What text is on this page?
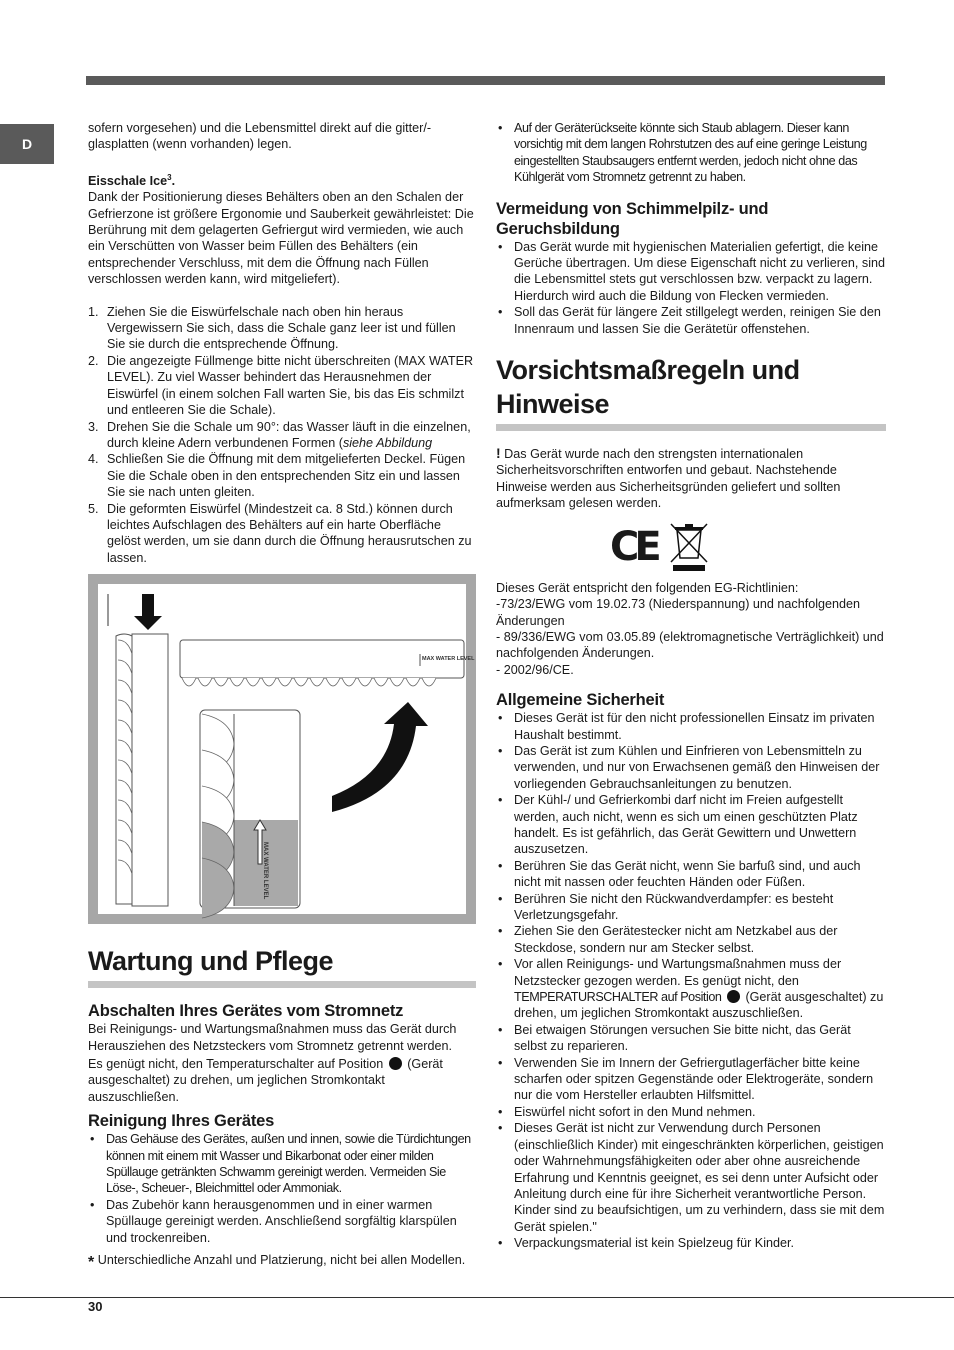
D

sofern vorgesehen) und die Lebensmittel direkt auf die gitter/-glasplatten (wenn vorhanden) legen.

Eisschale Ice$^3$.

Dank der Positionierung dieses Behälters oben an den Schalen der Gefrierzone ist größere Ergonomie und Sauberkeit gewährleistet: Die Berührung mit dem gelagerten Gefriergut wird vermieden, wie auch ein Verschütten von Wasser beim Füllen des Behälters (ein entsprechender Verschluss, mit dem die Öffnung nach Füllen verschlossen werden kann, wird mitgeliefert).

1. Ziehen Sie die Eiswürfelschale nach oben hin heraus Vergewissern Sie sich, dass die Schale ganz leer ist und füllen Sie sie durch die entsprechende Öffnung.
2. Die angezeigte Füllmenge bitte nicht überschreiten (MAX WATER LEVEL). Zu viel Wasser behindert das Herausnehmen der Eiswürfel (in einem solchen Fall warten Sie, bis das Eis schmilzt und entleeren Sie die Schale).
3. Drehen Sie die Schale um 90°: das Wasser läuft in die einzelnen, durch kleine Adern verbundenen Formen (siehe Abbildung
4. Schließen Sie die Öffnung mit dem mitgelieferten Deckel. Fügen Sie die Schale oben in den entsprechenden Sitz ein und lassen Sie sie nach unten gleiten.
5. Die geformten Eiswürfel (Mindestzeit ca. 8 Std.) können durch leichtes Aufschlagen des Behälters auf ein harte Oberfläche gelöst werden, um sie dann durch die Öffnung herausrutschen zu lassen.
MAX WATER LEVEL
MAX WATER LEVEL
Wartung und Pflege
Abschalten Ihres Gerätes vom Stromnetz

Bei Reinigungs- und Wartungsmaßnahmen muss das Gerät durch Herausziehen des Netzsteckers vom Stromnetz getrennt werden.

Es genügt nicht, den Temperaturschalter auf Position (Gerät ausgeschaltet) zu drehen, um jeglichen Stromkontakt auszuschließen.

Reinigung Ihres Gerätes
• Das Gehäuse des Gerätes, außen und innen, sowie die Türdichtungen können mit einem mit Wasser und Bikarbonat oder einer milden Spüllauge getränkten Schwamm gereinigt werden. Vermeiden Sie Löse-, Scheuer-, Bleichmittel oder Ammoniak.
• Das Zubehör kann herausgenommen und in einer warmen Spüllauge gereinigt werden. Anschließend sorgfältig klarspülen und trockenreiben.

* Unterschiedliche Anzahl und Platzierung, nicht bei allen Modellen.

• Auf der Geräterückseite könnte sich Staub ablagern. Dieser kann vorsichtig mit dem langen Rohrstutzen des auf eine geringe Leistung eingestellten Staubsaugers entfernt werden, jedoch nicht ohne das Kühlgerät vom Stromnetz getrennt zu haben.
Vermeidung von Schimmelpilz- und Geruchsbildung
• Das Gerät wurde mit hygienischen Materialien gefertigt, die keine Gerüche übertragen. Um diese Eigenschaft nicht zu verlieren, sind die Lebensmittel stets gut verschlossen bzw. verpackt zu lagern. Hierdurch wird auch die Bildung von Flecken vermieden.
• Soll das Gerät für längere Zeit stillgelegt werden, reinigen Sie den Innenraum und lassen Sie die Gerätetür offenstehen.
Vorsichtsmaßregeln und Hinweise

! Das Gerät wurde nach den strengsten internationalen Sicherheitsvorschriften entworfen und gebaut. Nachstehende Hinweise werden aus Sicherheitsgründen geliefert und sollten aufmerksam gelesen werden.

CE

Dieses Gerät entspricht den folgenden EG-Richtlinien:

-73/23/EWG vom 19.02.73 (Niederspannung) und nachfolgenden Änderungen

- 89/336/EWG vom 03.05.89 (elektromagnetische Verträglichkeit) und nachfolgenden Änderungen.

- 2002/96/CE.

Allgemeine Sicherheit
• Dieses Gerät ist für den nicht professionellen Einsatz im privaten Haushalt bestimmt.
• Das Gerät ist zum Kühlen und Einfrieren von Lebensmitteln zu verwenden, und nur von Erwachsenen gemäß den Hinweisen der vorliegenden Gebrauchsanleitungen zu benutzen.
• Der Kühl-/ und Gefrierkombi darf nicht im Freien aufgestellt werden, auch nicht, wenn es sich um einen geschützten Platz handelt. Es ist gefährlich, das Gerät Gewittern und Unwettern auszusetzen.
• Berühren Sie das Gerät nicht, wenn Sie barfuß sind, und auch nicht mit nassen oder feuchten Händen oder Füßen.
• Berühren Sie nicht den Rückwandverdampfer: es besteht Verletzungsgefahr.
• Ziehen Sie den Gerätestecker nicht am Netzkabel aus der Steckdose, sondern nur am Stecker selbst.
• Vor allen Reinigungs- und Wartungsmaßnahmen muss der Netzstecker gezogen werden. Es genügt nicht, den TEMPERATURSCHALTER auf Position (Gerät ausgeschaltet) zu drehen, um jeglichen Stromkontakt auszuschließen.
• Bei etwaigen Störungen versuchen Sie bitte nicht, das Gerät selbst zu reparieren.
• Verwenden Sie im Innern der Gefriergutlagerfächer bitte keine scharfen oder spitzen Gegenstände oder Elektrogeräte, sondern nur die vom Hersteller erlaubten Hilfsmittel.
• Eiswürfel nicht sofort in den Mund nehmen.
• Dieses Gerät ist nicht zur Verwendung durch Personen (einschließlich Kinder) mit eingeschränkten körperlichen, geistigen oder Wahrnehmungsfähigkeiten oder aber ohne ausreichende Erfahrung und Kenntnis geeignet, es sei denn unter Aufsicht oder Anleitung durch eine für ihre Sicherheit verantwortliche Person. Kinder sind zu beaufsichtigen, um zu verhindern, dass sie mit dem Gerät spielen."
• Verpackungsmaterial ist kein Spielzeug für Kinder.
30
